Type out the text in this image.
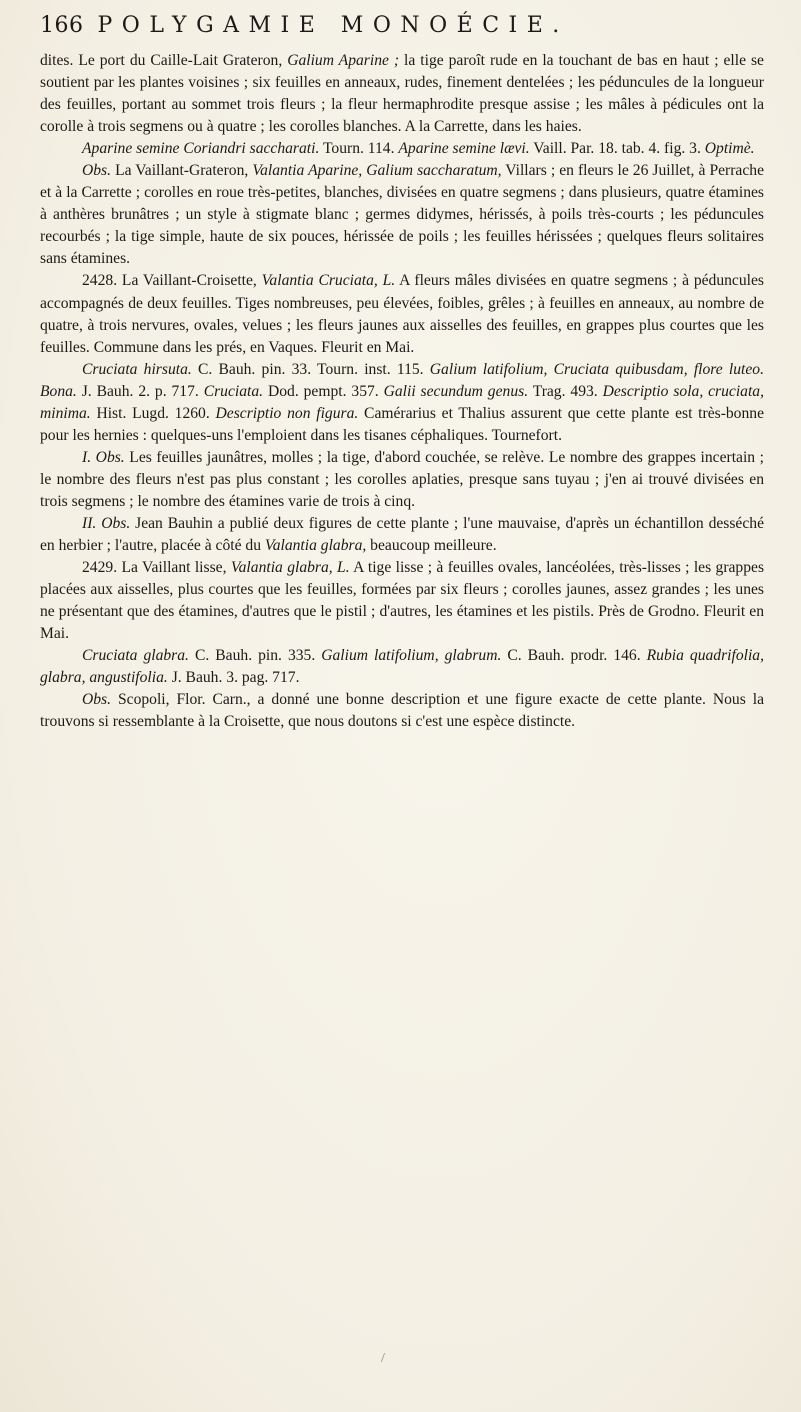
166 POLYGAMIE MONOÉCIE.

dites. Le port du Caille-Lait Grateron, Galium Aparine ; la tige paroît rude en la touchant de bas en haut ; elle se soutient par les plantes voisines ; six feuilles en anneaux, rudes, finement dentelées ; les péduncules de la longueur des feuilles, portant au sommet trois fleurs ; la fleur hermaphrodite presque assise ; les mâles à pédicules ont la corolle à trois segmens ou à quatre ; les corolles blanches. A la Carrette, dans les haies.

Aparine semine Coriandri saccharati. Tourn. 114. Aparine semine lævi. Vaill. Par. 18. tab. 4. fig. 3. Optimè.

Obs. La Vaillant-Grateron, Valantia Aparine, Galium saccharatum, Villars ; en fleurs le 26 Juillet, à Perrache et à la Carrette ; corolles en roue très-petites, blanches, divisées en quatre segmens ; dans plusieurs, quatre étamines à anthères brunâtres ; un style à stigmate blanc ; germes didymes, hérissés, à poils très-courts ; les péduncules recourbés ; la tige simple, haute de six pouces, hérissée de poils ; les feuilles hérissées ; quelques fleurs solitaires sans étamines.

2428. La Vaillant-Croisette, Valantia Cruciata, L. A fleurs mâles divisées en quatre segmens ; à péduncules accompagnés de deux feuilles. Tiges nombreuses, peu élevées, foibles, grêles ; à feuilles en anneaux, au nombre de quatre, à trois nervures, ovales, velues ; les fleurs jaunes aux aisselles des feuilles, en grappes plus courtes que les feuilles. Commune dans les prés, en Vaques. Fleurit en Mai.

Cruciata hirsuta. C. Bauh. pin. 33. Tourn. inst. 115. Galium latifolium, Cruciata quibusdam, flore luteo. Bona. J. Bauh. 2. p. 717. Cruciata. Dod. pempt. 357. Galii secundum genus. Trag. 493. Descriptio sola, cruciata, minima. Hist. Lugd. 1260. Descriptio non figura. Camérarius et Thalius assurent que cette plante est très-bonne pour les hernies : quelques-uns l'emploient dans les tisanes céphaliques. Tournefort.

I. Obs. Les feuilles jaunâtres, molles ; la tige, d'abord couchée, se relève. Le nombre des grappes incertain ; le nombre des fleurs n'est pas plus constant ; les corolles aplaties, presque sans tuyau ; j'en ai trouvé divisées en trois segmens ; le nombre des étamines varie de trois à cinq.

II. Obs. Jean Bauhin a publié deux figures de cette plante ; l'une mauvaise, d'après un échantillon desséché en herbier ; l'autre, placée à côté du Valantia glabra, beaucoup meilleure.

2429. La Vaillant lisse, Valantia glabra, L. A tige lisse ; à feuilles ovales, lancéolées, très-lisses ; les grappes placées aux aisselles, plus courtes que les feuilles, formées par six fleurs ; corolles jaunes, assez grandes ; les unes ne présentant que des étamines, d'autres que le pistil ; d'autres, les étamines et les pistils. Près de Grodno. Fleurit en Mai.

Cruciata glabra. C. Bauh. pin. 335. Galium latifolium, glabrum. C. Bauh. prodr. 146. Rubia quadrifolia, glabra, angustifolia. J. Bauh. 3. pag. 717.

Obs. Scopoli, Flor. Carn., a donné une bonne description et une figure exacte de cette plante. Nous la trouvons si ressemblante à la Croisette, que nous doutons si c'est une espèce distincte.

/
